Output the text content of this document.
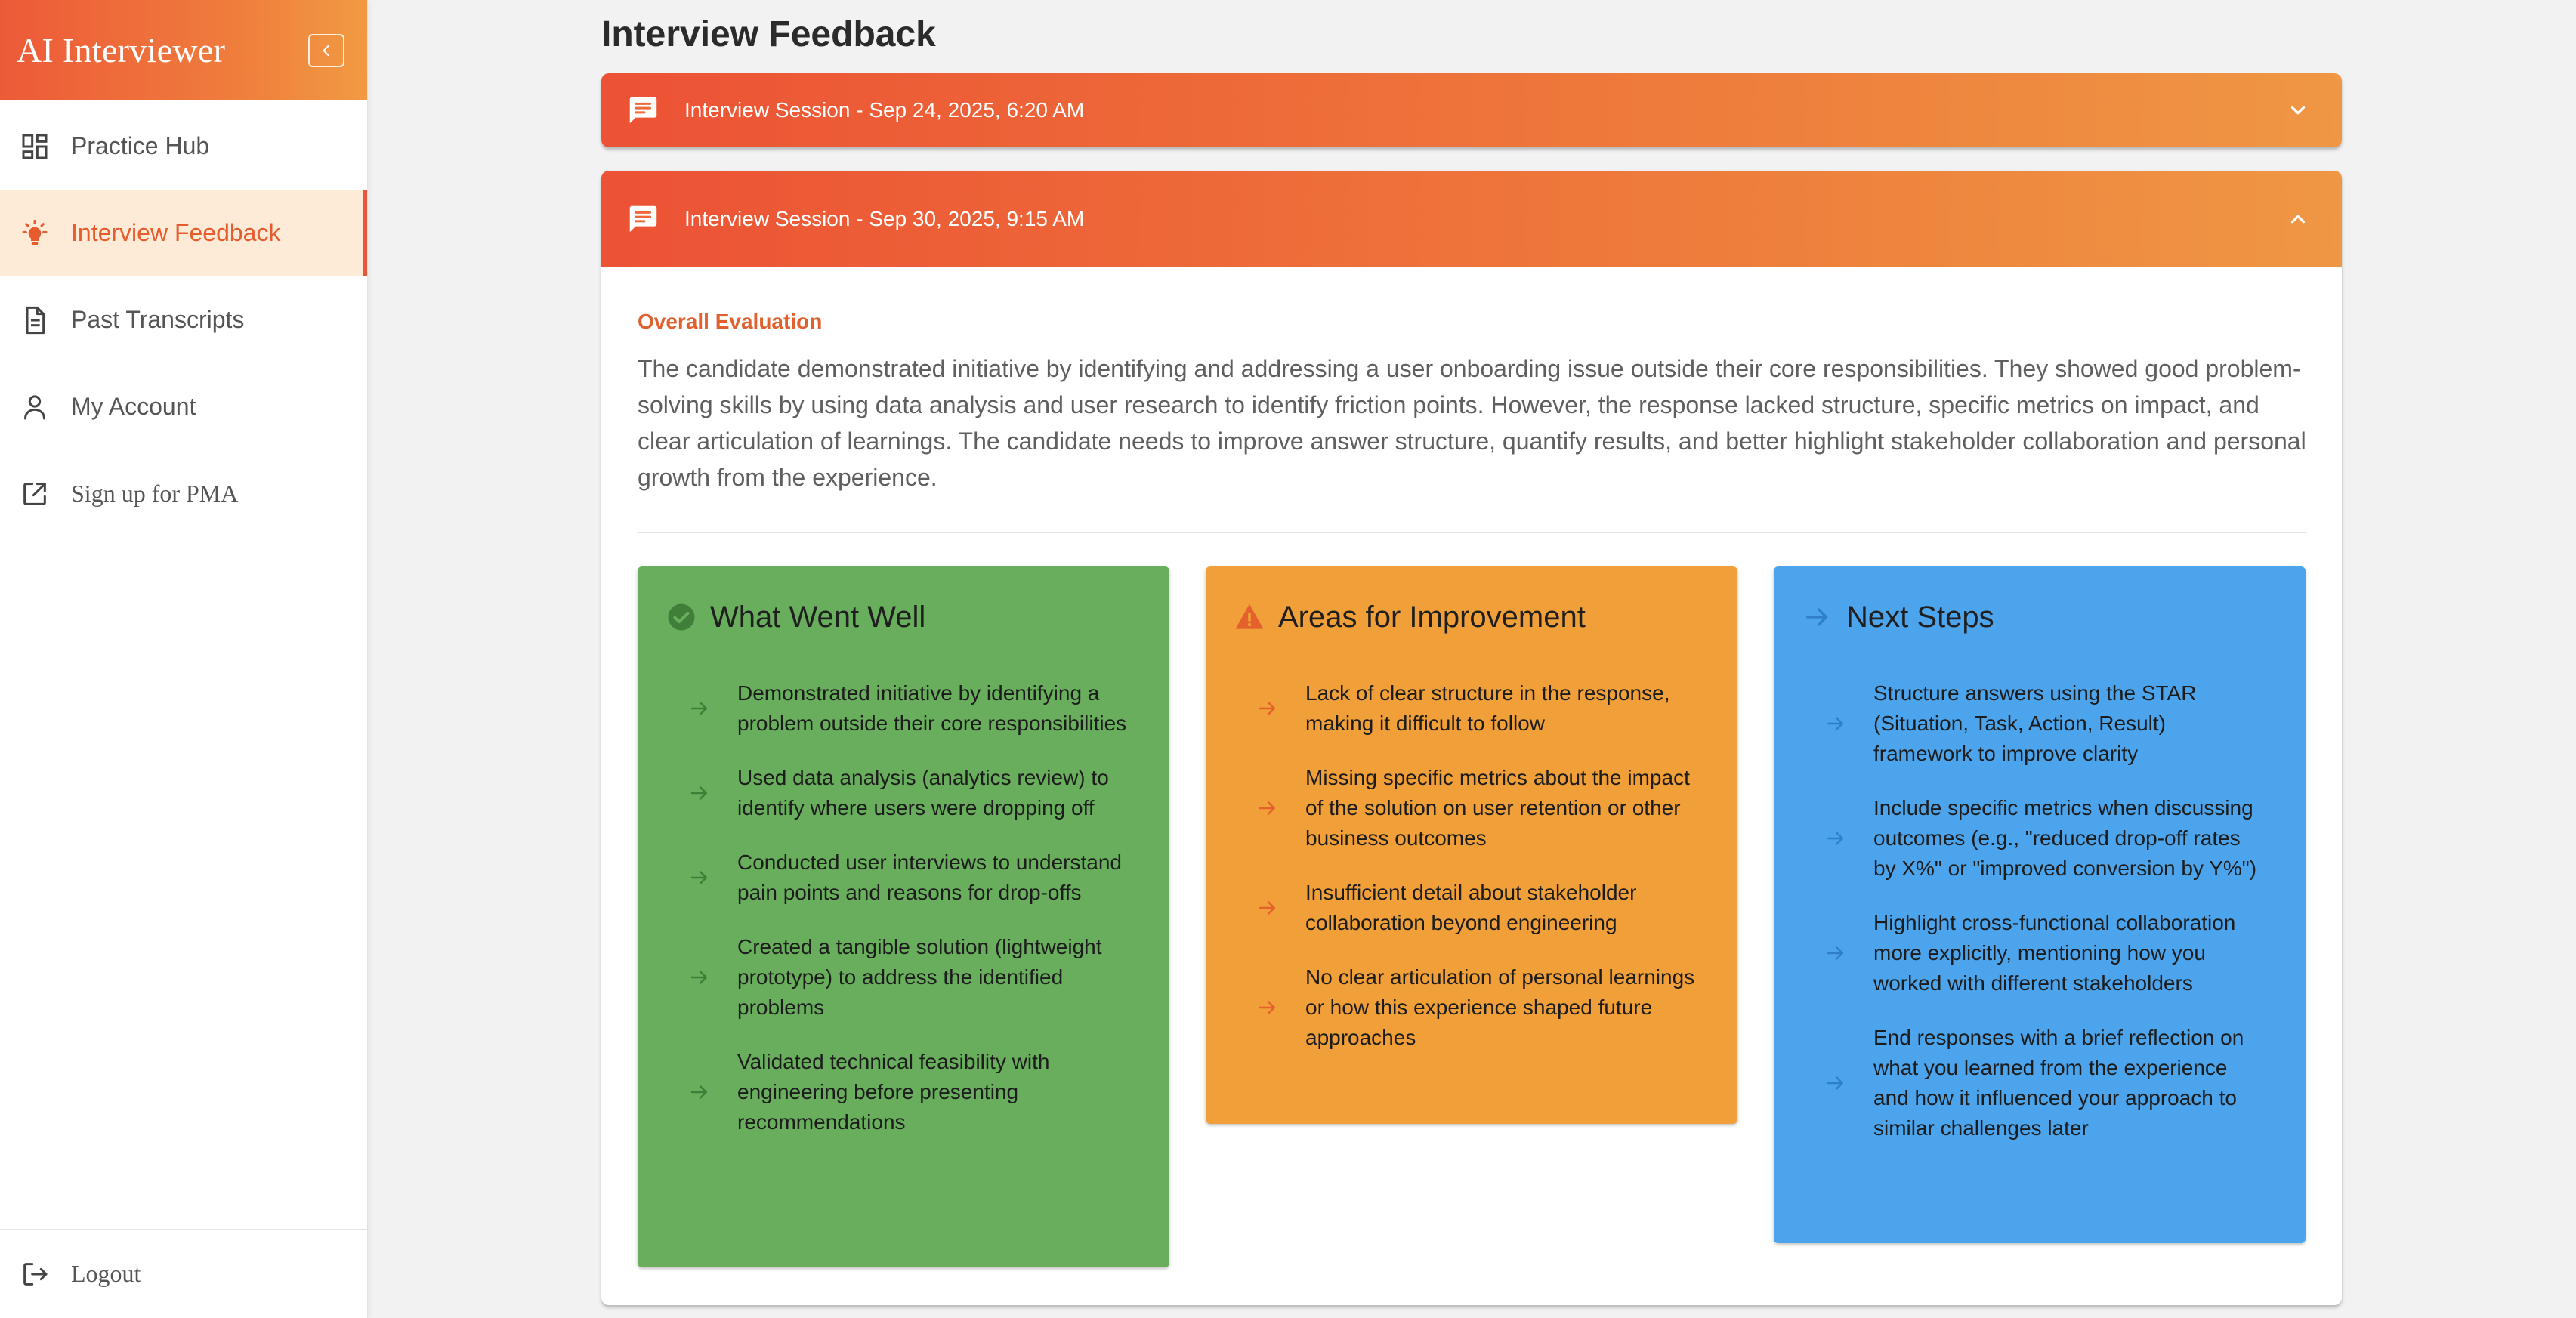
AI Interviewer
Practice Hub
Interview Feedback
Past Transcripts
My Account
Sign up for PMA
Logout
Interview Feedback
Interview Session - Sep 24, 2025, 6:20 AM
Interview Session - Sep 30, 2025, 9:15 AM
Overall Evaluation
The candidate demonstrated initiative by identifying and addressing a user onboarding issue outside their core responsibilities. They showed good problem-solving skills by using data analysis and user research to identify friction points. However, the response lacked structure, specific metrics on impact, and clear articulation of learnings. The candidate needs to improve answer structure, quantify results, and better highlight stakeholder collaboration and personal growth from the experience.
What Went Well
Demonstrated initiative by identifying a problem outside their core responsibilities
Used data analysis (analytics review) to identify where users were dropping off
Conducted user interviews to understand pain points and reasons for drop-offs
Created a tangible solution (lightweight prototype) to address the identified problems
Validated technical feasibility with engineering before presenting recommendations
Areas for Improvement
Lack of clear structure in the response, making it difficult to follow
Missing specific metrics about the impact of the solution on user retention or other business outcomes
Insufficient detail about stakeholder collaboration beyond engineering
No clear articulation of personal learnings or how this experience shaped future approaches
Next Steps
Structure answers using the STAR (Situation, Task, Action, Result) framework to improve clarity
Include specific metrics when discussing outcomes (e.g., "reduced drop-off rates by X%" or "improved conversion by Y%")
Highlight cross-functional collaboration more explicitly, mentioning how you worked with different stakeholders
End responses with a brief reflection on what you learned from the experience and how it influenced your approach to similar challenges later
